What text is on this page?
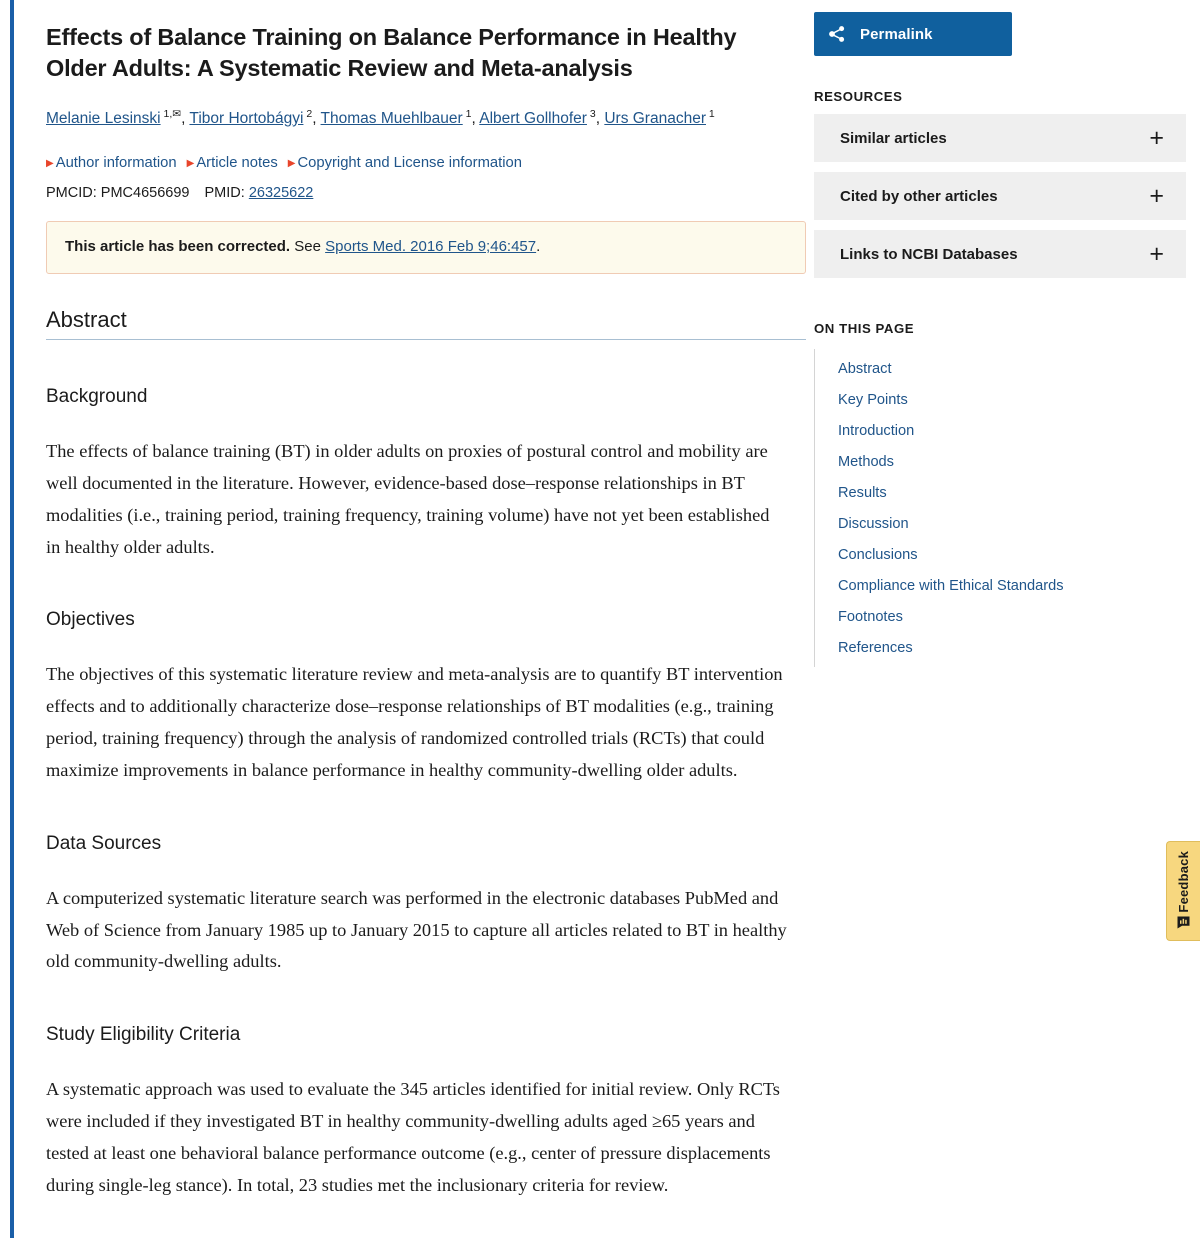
Effects of Balance Training on Balance Performance in Healthy Older Adults: A Systematic Review and Meta-analysis
Melanie Lesinski $^{1,✉}$, Tibor Hortobágyi $^2$, Thomas Muehlbauer $^1$, Albert Gollhofer $^3$, Urs Granacher $^1$
▶ Author information ▶ Article notes ▶ Copyright and License information
PMCID: PMC4656699 PMID: 26325622
This article has been corrected. See Sports Med. 2016 Feb 9;46:457.
Abstract
Background

The effects of balance training (BT) in older adults on proxies of postural control and mobility are well documented in the literature. However, evidence-based dose–response relationships in BT modalities (i.e., training period, training frequency, training volume) have not yet been established in healthy older adults.

Objectives

The objectives of this systematic literature review and meta-analysis are to quantify BT intervention effects and to additionally characterize dose–response relationships of BT modalities (e.g., training period, training frequency) through the analysis of randomized controlled trials (RCTs) that could maximize improvements in balance performance in healthy community-dwelling older adults.

Data Sources

A computerized systematic literature search was performed in the electronic databases PubMed and Web of Science from January 1985 up to January 2015 to capture all articles related to BT in healthy old community-dwelling adults.

Study Eligibility Criteria

A systematic approach was used to evaluate the 345 articles identified for initial review. Only RCTs were included if they investigated BT in healthy community-dwelling adults aged ≥65 years and tested at least one behavioral balance performance outcome (e.g., center of pressure displacements during single-leg stance). In total, 23 studies met the inclusionary criteria for review.

Permalink
RESOURCES
Similar articles	+
Cited by other articles	+
Links to NCBI Databases	+
ON THIS PAGE
Abstract
Key Points
Introduction
Methods
Results
Discussion
Conclusions
Compliance with Ethical Standards
Footnotes
References
Feedback
